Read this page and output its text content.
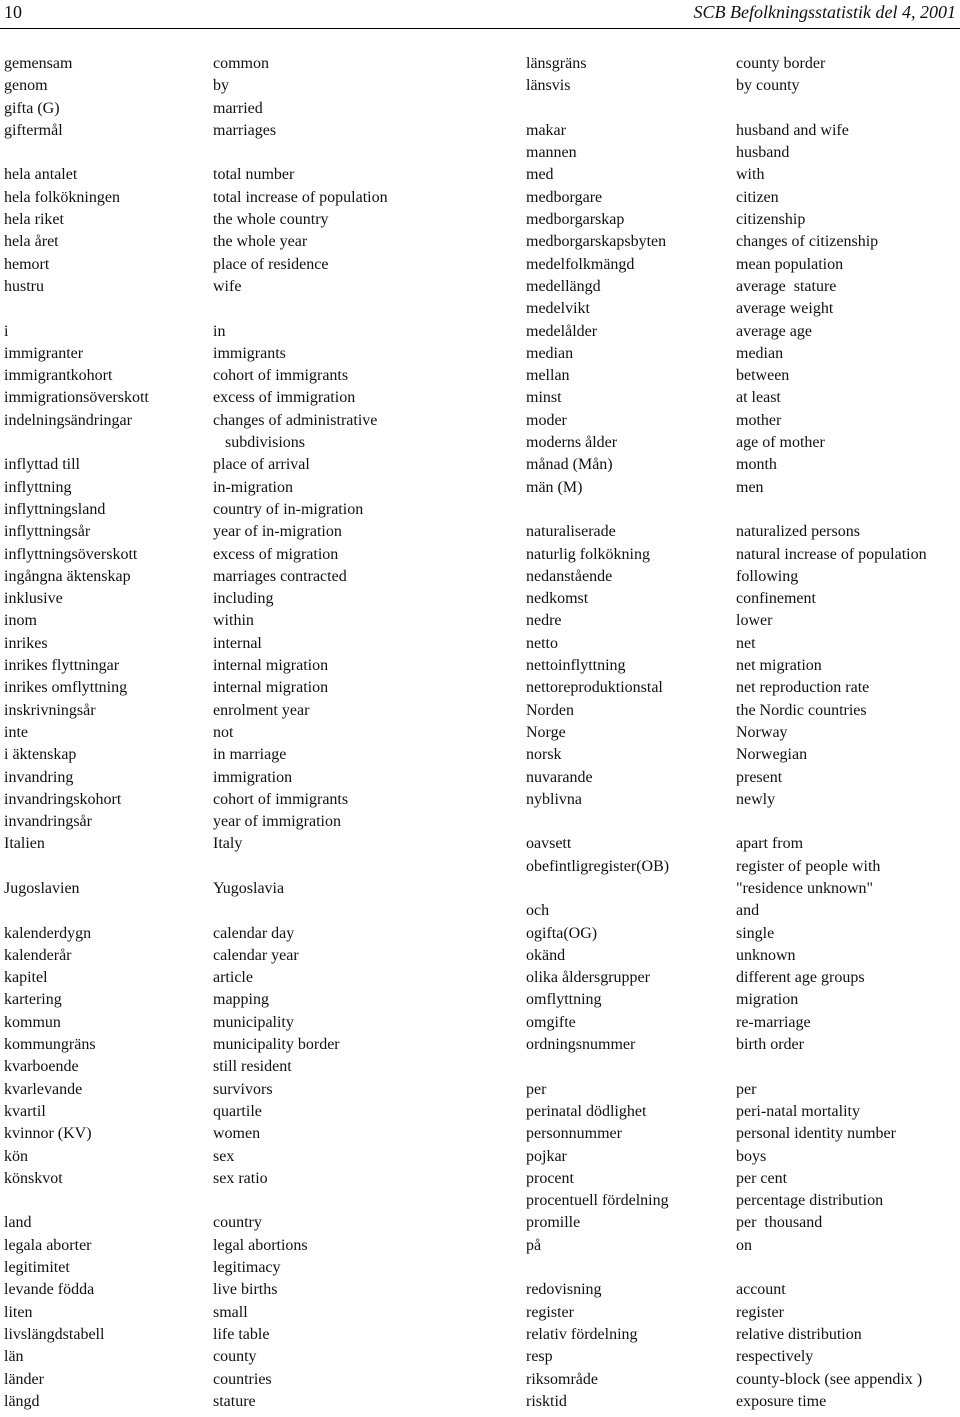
10	SCB Befolkningsstatistik del 4, 2001
gemensam	common
genom	by
gifta (G)	married
giftermål	marriages
hela antalet	total number
hela folkökningen	total increase of population
hela riket	the whole country
hela året	the whole year
hemort	place of residence
hustru	wife
i	in
immigranter	immigrants
immigrantkohort	cohort of immigrants
immigrationsöverskott	excess of immigration
indelningsändringar	changes of administrative
subdivisions
inflyttad till	place of arrival
inflyttning	in-migration
inflyttningsland	country of in-migration
inflyttningsår	year of in-migration
inflyttningsöverskott	excess of migration
ingångna äktenskap	marriages contracted
inklusive	including
inom	within
inrikes	internal
inrikes flyttningar	internal migration
inrikes omflyttning	internal migration
inskrivningsår	enrolment year
inte	not
i äktenskap	in marriage
invandring	immigration
invandringskohort	cohort of immigrants
invandringsår	year of immigration
Italien	Italy
Jugoslavien	Yugoslavia
kalenderdygn	calendar day
kalenderår	calendar year
kapitel	article
kartering	mapping
kommun	municipality
kommungräns	municipality border
kvarboende	still resident
kvarlevande	survivors
kvartil	quartile
kvinnor (KV)	women
kön	sex
könskvot	sex ratio
land	country
legala aborter	legal abortions
legitimitet	legitimacy
levande födda	live births
liten	small
livslängdstabell	life table
län	county
länder	countries
längd	stature
länsgräns	county border
länsvis	by county
makar	husband and wife
mannen	husband
med	with
medborgare	citizen
medborgarskap	citizenship
medborgarskapsbyten	changes of citizenship
medelfolkmängd	mean population
medellängd	average  stature
medelvikt	average weight
medelålder	average age
median	median
mellan	between
minst	at least
moder	mother
moderns ålder	age of mother
månad (Mån)	month
män (M)	men
naturaliserade	naturalized persons
naturlig folkökning	natural increase of population
nedanstående	following
nedkomst	confinement
nedre	lower
netto	net
nettoinflyttning	net migration
nettoreproduktionstal	net reproduction rate
Norden	the Nordic countries
Norge	Norway
norsk	Norwegian
nuvarande	present
nyblivna	newly
oavsett	apart from
obefintligregister(OB)	register of people with
"residence unknown"
och	and
ogifta(OG)	single
okänd	unknown
olika åldersgrupper	different age groups
omflyttning	migration
omgifte	re-marriage
ordningsnummer	birth order
per	per
perinatal dödlighet	peri-natal mortality
personnummer	personal identity number
pojkar	boys
procent	per cent
procentuell fördelning	percentage distribution
promille	per  thousand
på	on
redovisning	account
register	register
relativ fördelning	relative distribution
resp	respectively
riksområde	county-block (see appendix )
risktid	exposure time
